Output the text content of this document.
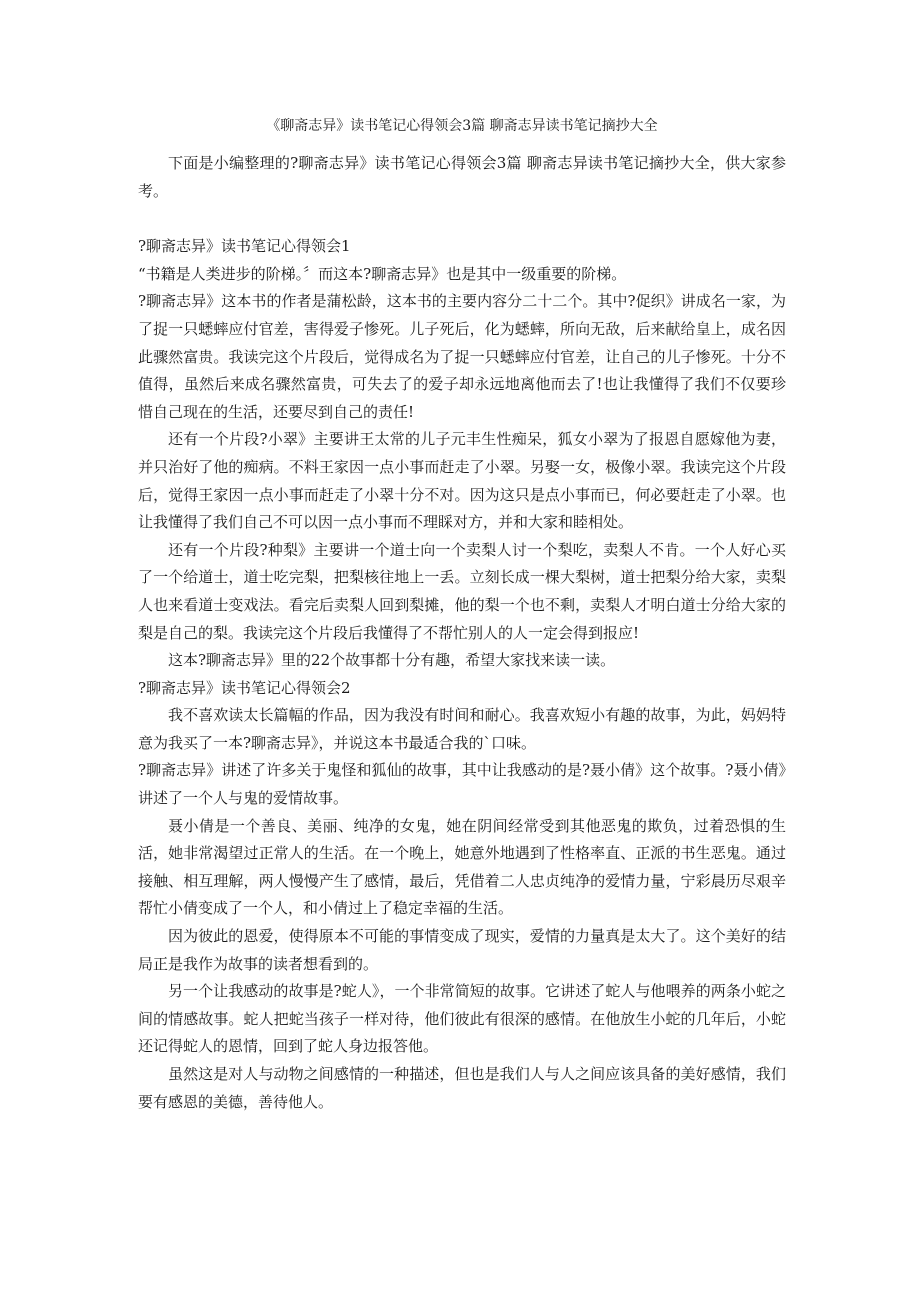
《聊斋志异》读书笔记心得领会3篇 聊斋志异读书笔记摘抄大全

下面是小编整理的?聊斋志异》读书笔记心得领会3篇 聊斋志异读书笔记摘抄大全，供大家参考。

?聊斋志异》读书笔记心得领会1

“书籍是人类进步的阶梯。〞而这本?聊斋志异》也是其中一级重要的阶梯。

?聊斋志异》这本书的作者是蒲松龄，这本书的主要内容分二十二个。其中?促织》讲成名一家，为了捉一只蟋蟀应付官差，害得爱子惨死。儿子死后，化为蟋蟀，所向无敌，后来献给皇上，成名因此骤然富贵。我读完这个片段后，觉得成名为了捉一只蟋蟀应付官差，让自己的儿子惨死。十分不值得，虽然后来成名骤然富贵，可失去了的爱子却永远地离他而去了!也让我懂得了我们不仅要珍惜自己现在的生活，还要尽到自己的责任!

还有一个片段?小翠》主要讲王太常的儿子元丰生性痴呆，狐女小翠为了报恩自愿嫁他为妻，并只治好了他的痴病。不料王家因一点小事而赶走了小翠。另娶一女，极像小翠。我读完这个片段后，觉得王家因一点小事而赶走了小翠十分不对。因为这只是点小事而已，何必要赶走了小翠。也让我懂得了我们自己不可以因一点小事而不理睬对方，并和大家和睦相处。

还有一个片段?种梨》主要讲一个道士向一个卖梨人讨一个梨吃，卖梨人不肯。一个人好心买了一个给道士，道士吃完梨，把梨核往地上一丢。立刻长成一棵大梨树，道士把梨分给大家，卖梨人也来看道士变戏法。看完后卖梨人回到梨摊，他的梨一个也不剩，卖梨人才明白道士分给大家的梨是自己的梨。我读完这个片段后我懂得了不帮忙别人的人一定会得到报应!

这本?聊斋志异》里的22个故事都十分有趣，希望大家找来读一读。

?聊斋志异》读书笔记心得领会2

我不喜欢读太长篇幅的作品，因为我没有时间和耐心。我喜欢短小有趣的故事，为此，妈妈特意为我买了一本?聊斋志异》，并说这本书最适合我的`口味。

?聊斋志异》讲述了许多关于鬼怪和狐仙的故事，其中让我感动的是?聂小倩》这个故事。?聂小倩》讲述了一个人与鬼的爱情故事。

聂小倩是一个善良、美丽、纯净的女鬼，她在阴间经常受到其他恶鬼的欺负，过着恐惧的生活，她非常渴望过正常人的生活。在一个晚上，她意外地遇到了性格率直、正派的书生恶鬼。通过接触、相互理解，两人慢慢产生了感情，最后，凭借着二人忠贞纯净的爱情力量，宁彩晨历尽艰辛帮忙小倩变成了一个人，和小倩过上了稳定幸福的生活。

因为彼此的恩爱，使得原本不可能的事情变成了现实，爱情的力量真是太大了。这个美好的结局正是我作为故事的读者想看到的。

另一个让我感动的故事是?蛇人》，一个非常简短的故事。它讲述了蛇人与他喂养的两条小蛇之间的情感故事。蛇人把蛇当孩子一样对待，他们彼此有很深的感情。在他放生小蛇的几年后，小蛇还记得蛇人的恩情，回到了蛇人身边报答他。

虽然这是对人与动物之间感情的一种描述，但也是我们人与人之间应该具备的美好感情，我们要有感恩的美德，善待他人。
